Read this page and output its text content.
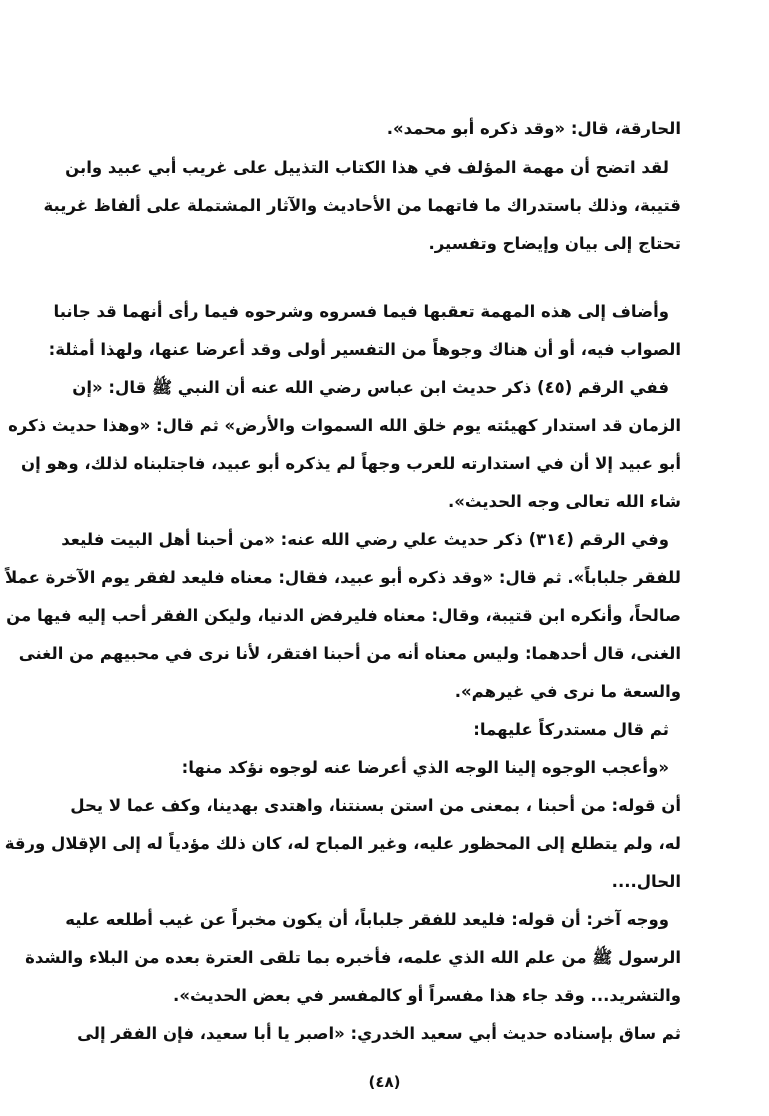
الحارقة، قال: «وقد ذكره أبو محمد».
لقد اتضح أن مهمة المؤلف في هذا الكتاب التذييل على غريب أبي عبيد وابن
قتيبة، وذلك باستدراك ما فاتهما من الأحاديث والآثار المشتملة على ألفاظ غريبة
تحتاج إلى بيان وإيضاح وتفسير.
وأضاف إلى هذه المهمة تعقبها فيما فسروه وشرحوه فيما رأى أنهما قد جانبا
الصواب فيه، أو أن هناك وجوهاً من التفسير أولى وقد أعرضا عنها، ولهذا أمثلة:
ففي الرقم (٤٥) ذكر حديث ابن عباس رضي الله عنه أن النبي ﷺ قال: «إن
الزمان قد استدار كهيئته يوم خلق الله السموات والأرض» ثم قال: «وهذا حديث ذكره
أبو عبيد إلا أن في استدارته للعرب وجهاً لم يذكره أبو عبيد، فاجتلبناه لذلك، وهو إن
شاء الله تعالى وجه الحديث».
وفي الرقم (٣١٤) ذكر حديث علي رضي الله عنه: «من أحبنا أهل البيت فليعد
للفقر جلباباً». ثم قال: «وقد ذكره أبو عبيد، فقال: معناه فليعد لفقر يوم الآخرة عملاً
صالحاً، وأنكره ابن قتيبة، وقال: معناه فليرفض الدنيا، وليكن الفقر أحب إليه فيها من
الغنى، قال أحدهما: وليس معناه أنه من أحبنا افتقر، لأنا نرى في محبيهم من الغنى
والسعة ما نرى في غيرهم».
ثم قال مستدركاً عليهما:
«وأعجب الوجوه إلينا الوجه الذي أعرضا عنه لوجوه نؤكد منها:
أن قوله: من أحبنا ، بمعنى من استن بسنتنا، واهتدى بهدينا، وكف عما لا يحل
له، ولم يتطلع إلى المحظور عليه، وغير المباح له، كان ذلك مؤدياً له إلى الإقلال ورقة
الحال....
ووجه آخر: أن قوله: فليعد للفقر جلباباً، أن يكون مخبراً عن غيب أطلعه عليه
الرسول ﷺ من علم الله الذي علمه، فأخبره بما تلقى العترة بعده من البلاء والشدة
والتشريد... وقد جاء هذا مفسراً أو كالمفسر في بعض الحديث».
ثم ساق بإسناده حديث أبي سعيد الخدري: «اصبر يا أبا سعيد، فإن الفقر إلى
(٤٨)
